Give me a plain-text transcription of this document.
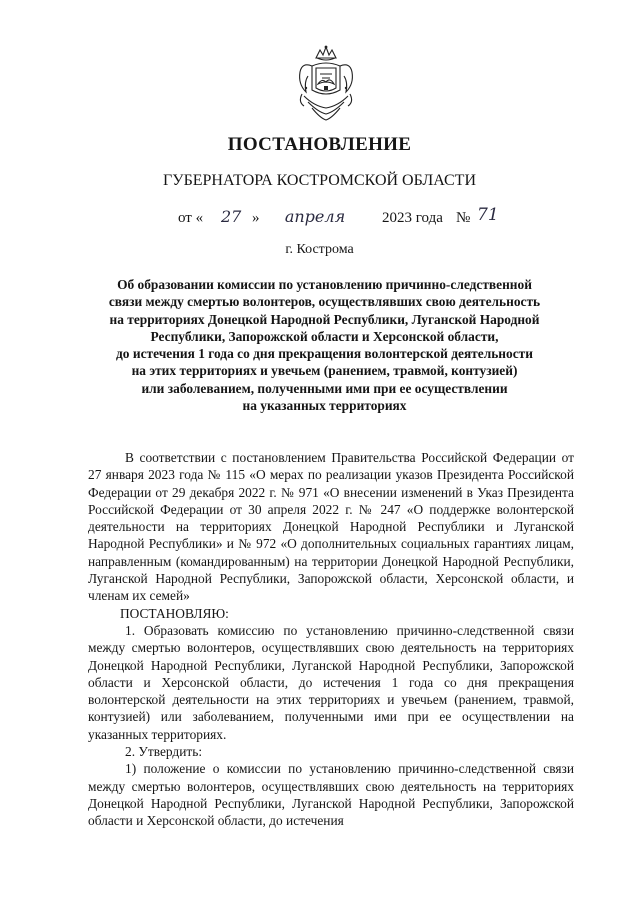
ПОСТАНОВЛЕНИЕ
ГУБЕРНАТОРА КОСТРОМСКОЙ ОБЛАСТИ
от « 27 »	апреля	2023 года № 71
г. Кострома
Об образовании комиссии по установлению причинно-следственной
связи между смертью волонтеров, осуществлявших свою деятельность
на территориях Донецкой Народной Республики, Луганской Народной
Республики, Запорожской области и Херсонской области,
до истечения 1 года со дня прекращения волонтерской деятельности
на этих территориях и увечьем (ранением, травмой, контузией)
или заболеванием, полученными ими при ее осуществлении
на указанных территориях

В соответствии с постановлением Правительства Российской Федерации от 27 января 2023 года № 115 «О мерах по реализации указов Президента Российской Федерации от 29 декабря 2022 г. № 971 «О внесении изменений в Указ Президента Российской Федерации от 30 апреля 2022 г. № 247 «О поддержке волонтерской деятельности на территориях Донецкой Народной Республики и Луганской Народной Республики» и № 972 «О дополнительных социальных гарантиях лицам, направленным (командированным) на территории Донецкой Народной Республики, Луганской Народной Республики, Запорожской области, Херсонской области, и членам их семей»

ПОСТАНОВЛЯЮ:

1. Образовать комиссию по установлению причинно-следственной связи между смертью волонтеров, осуществлявших свою деятельность на территориях Донецкой Народной Республики, Луганской Народной Республики, Запорожской области и Херсонской области, до истечения 1 года со дня прекращения волонтерской деятельности на этих территориях и увечьем (ранением, травмой, контузией) или заболеванием, полученными ими при ее осуществлении на указанных территориях.

2. Утвердить:

1) положение о комиссии по установлению причинно-следственной связи между смертью волонтеров, осуществлявших свою деятельность на территориях Донецкой Народной Республики, Луганской Народной Республики, Запорожской области и Херсонской области, до истечения
